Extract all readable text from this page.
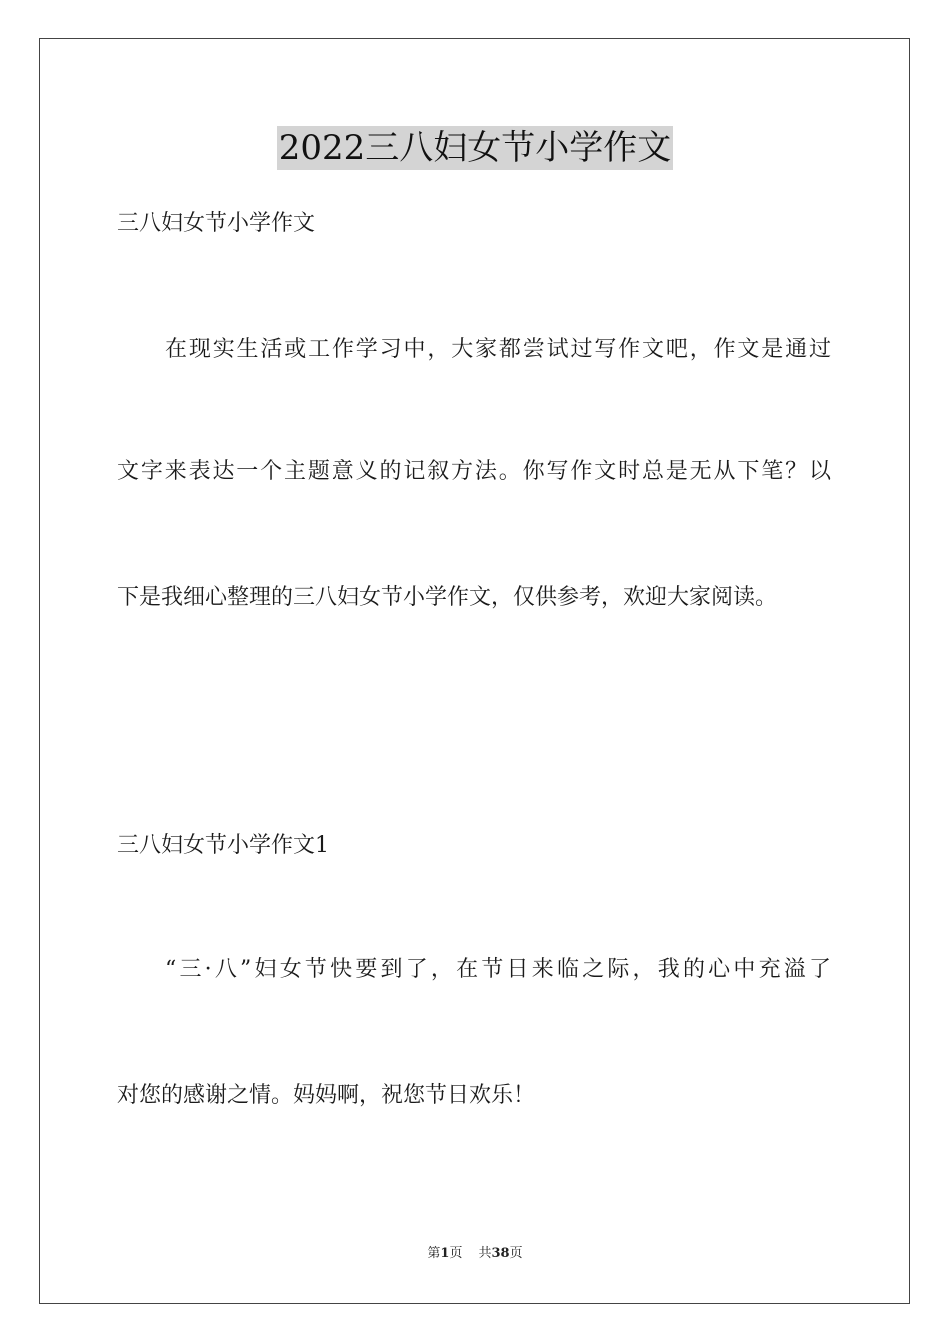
2022三八妇女节小学作文
三八妇女节小学作文
在现实生活或工作学习中，大家都尝试过写作文吧，作文是通过
文字来表达一个主题意义的记叙方法。你写作文时总是无从下笔？以
下是我细心整理的三八妇女节小学作文，仅供参考，欢迎大家阅读。
三八妇女节小学作文1
“三·八”妇女节快要到了，在节日来临之际，我的心中充溢了
对您的感谢之情。妈妈啊，祝您节日欢乐！
第1页 共38页
